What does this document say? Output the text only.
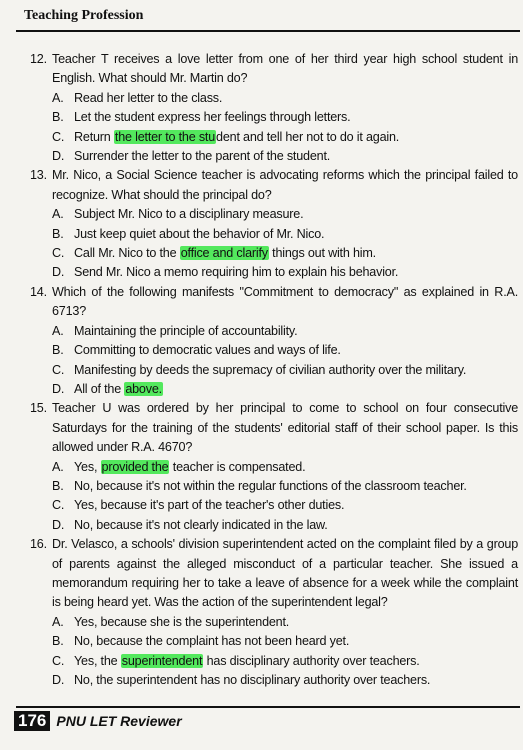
Teaching Profession
12. Teacher T receives a love letter from one of her third year high school student in English. What should Mr. Martin do?
A. Read her letter to the class.
B. Let the student express her feelings through letters.
C. Return the letter to the student and tell her not to do it again.
D. Surrender the letter to the parent of the student.
13. Mr. Nico, a Social Science teacher is advocating reforms which the principal failed to recognize. What should the principal do?
A. Subject Mr. Nico to a disciplinary measure.
B. Just keep quiet about the behavior of Mr. Nico.
C. Call Mr. Nico to the office and clarify things out with him.
D. Send Mr. Nico a memo requiring him to explain his behavior.
14. Which of the following manifests "Commitment to democracy" as explained in R.A. 6713?
A. Maintaining the principle of accountability.
B. Committing to democratic values and ways of life.
C. Manifesting by deeds the supremacy of civilian authority over the military.
D. All of the above.
15. Teacher U was ordered by her principal to come to school on four consecutive Saturdays for the training of the students' editorial staff of their school paper. Is this allowed under R.A. 4670?
A. Yes, provided the teacher is compensated.
B. No, because it's not within the regular functions of the classroom teacher.
C. Yes, because it's part of the teacher's other duties.
D. No, because it's not clearly indicated in the law.
16. Dr. Velasco, a schools' division superintendent acted on the complaint filed by a group of parents against the alleged misconduct of a particular teacher. She issued a memorandum requiring her to take a leave of absence for a week while the complaint is being heard yet. Was the action of the superintendent legal?
A. Yes, because she is the superintendent.
B. No, because the complaint has not been heard yet.
C. Yes, the superintendent has disciplinary authority over teachers.
D. No, the superintendent has no disciplinary authority over teachers.
176 PNU LET Reviewer
